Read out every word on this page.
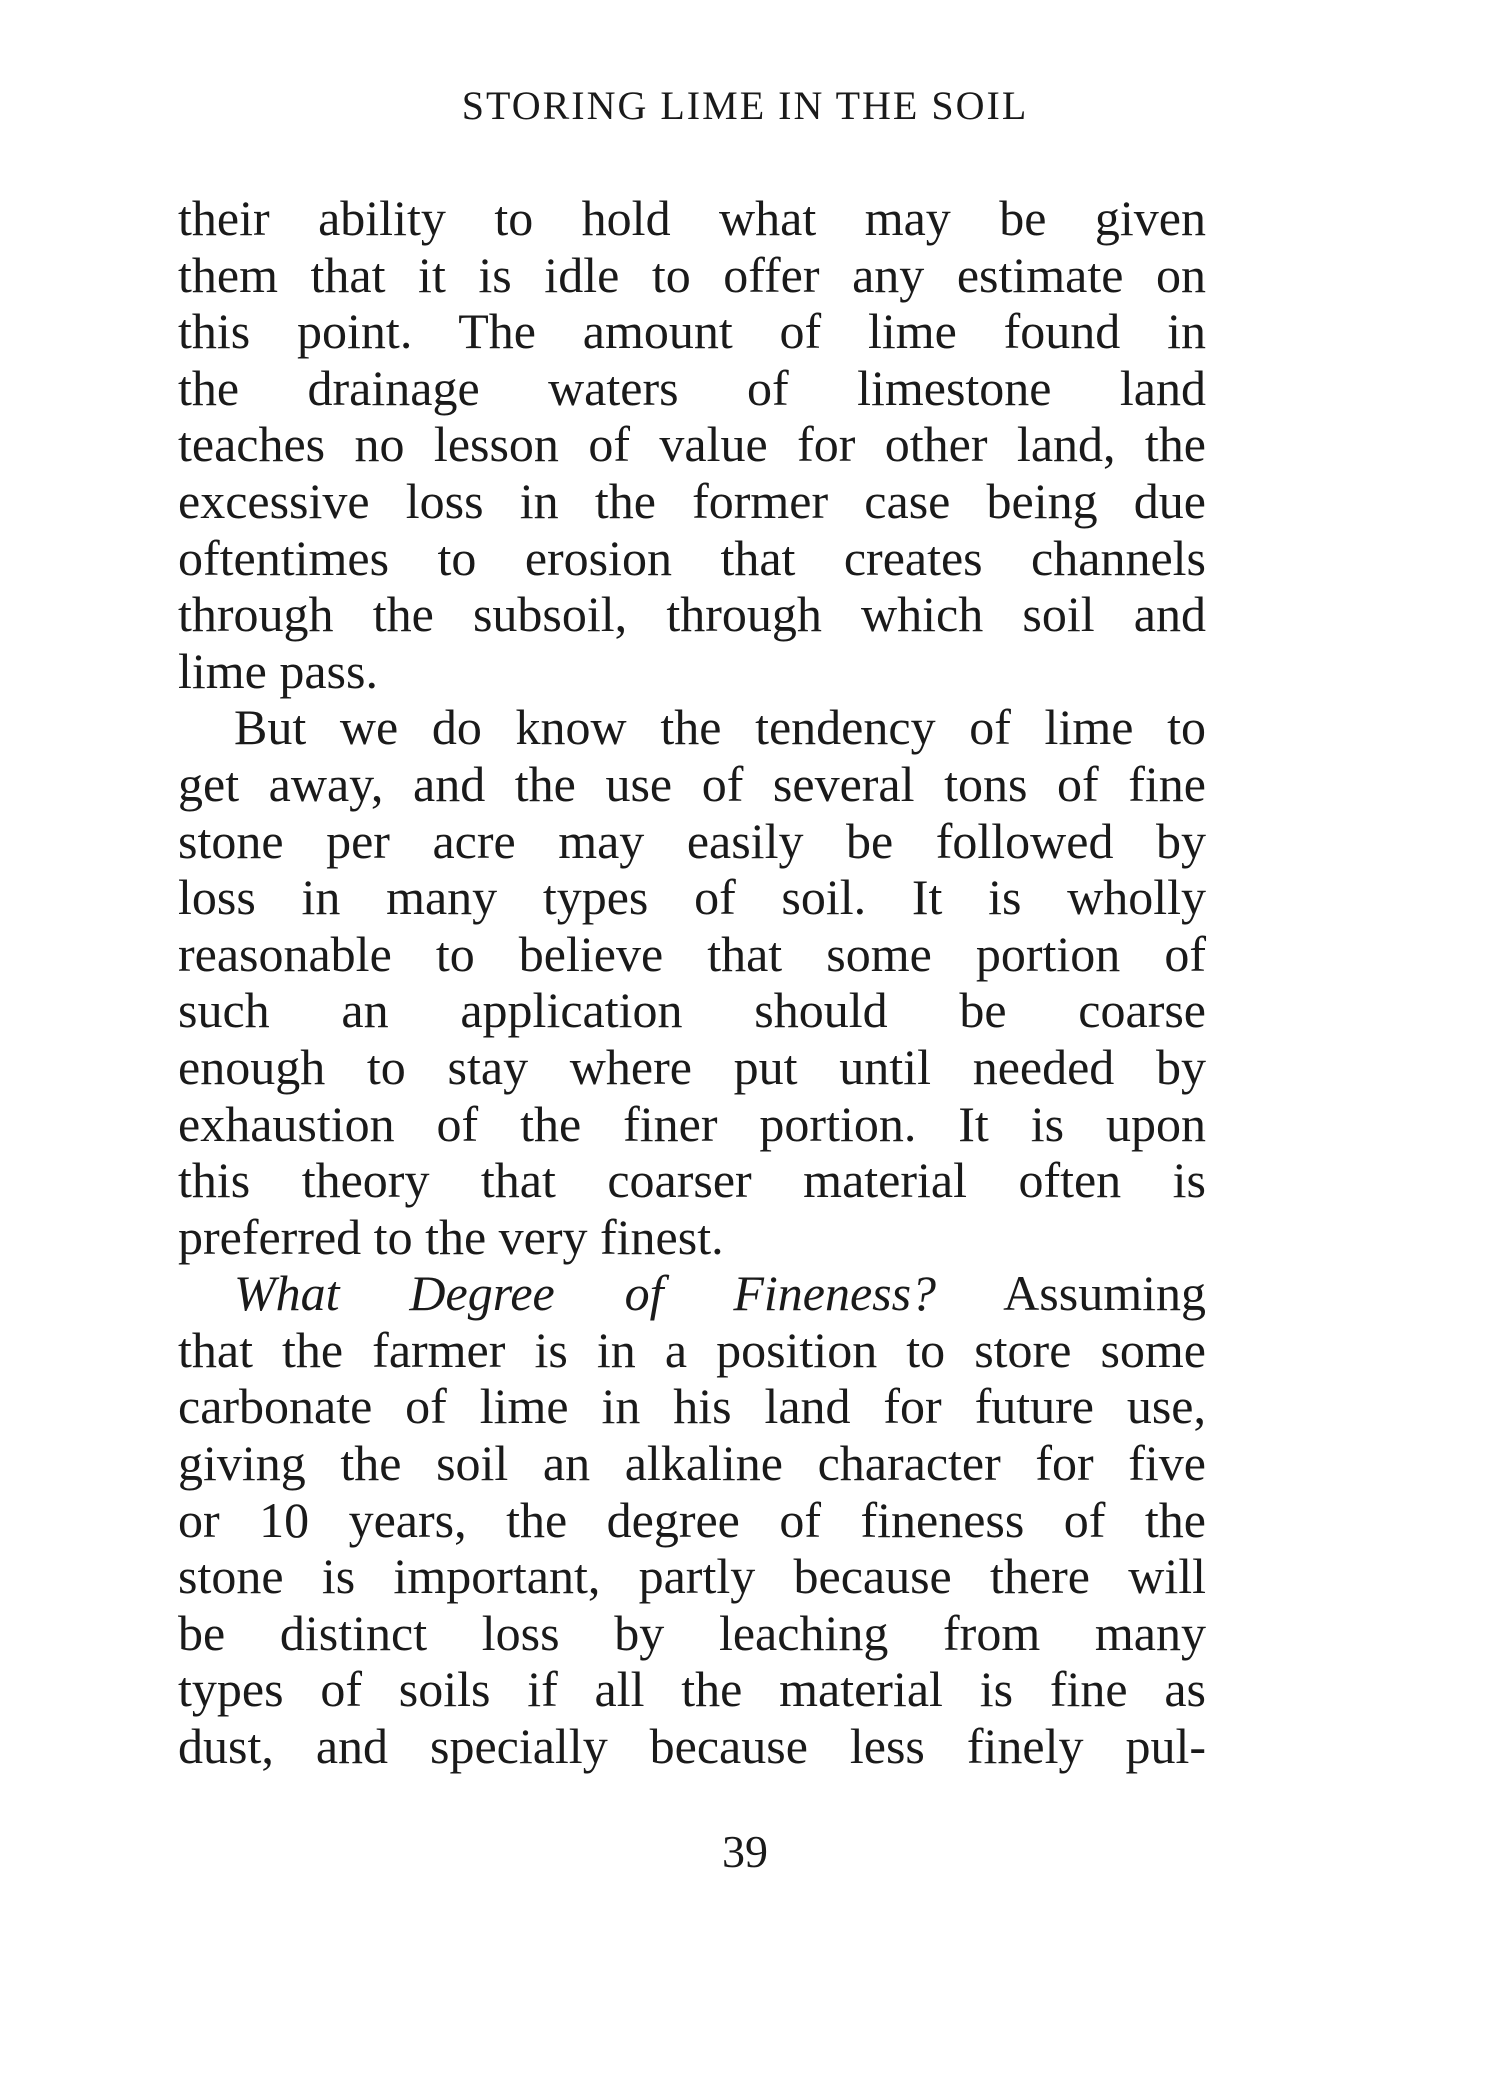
STORING LIME IN THE SOIL
their ability to hold what may be given
them that it is idle to offer any estimate on
this point. The amount of lime found in
the drainage waters of limestone land
teaches no lesson of value for other land, the
excessive loss in the former case being due
oftentimes to erosion that creates channels
through the subsoil, through which soil and
lime pass.
But we do know the tendency of lime to
get away, and the use of several tons of fine
stone per acre may easily be followed by
loss in many types of soil. It is wholly
reasonable to believe that some portion of
such an application should be coarse
enough to stay where put until needed by
exhaustion of the finer portion. It is upon
this theory that coarser material often is
preferred to the very finest.
What Degree of Fineness? Assuming
that the farmer is in a position to store some
carbonate of lime in his land for future use,
giving the soil an alkaline character for five
or 10 years, the degree of fineness of the
stone is important, partly because there will
be distinct loss by leaching from many
types of soils if all the material is fine as
dust, and specially because less finely pul-
39
